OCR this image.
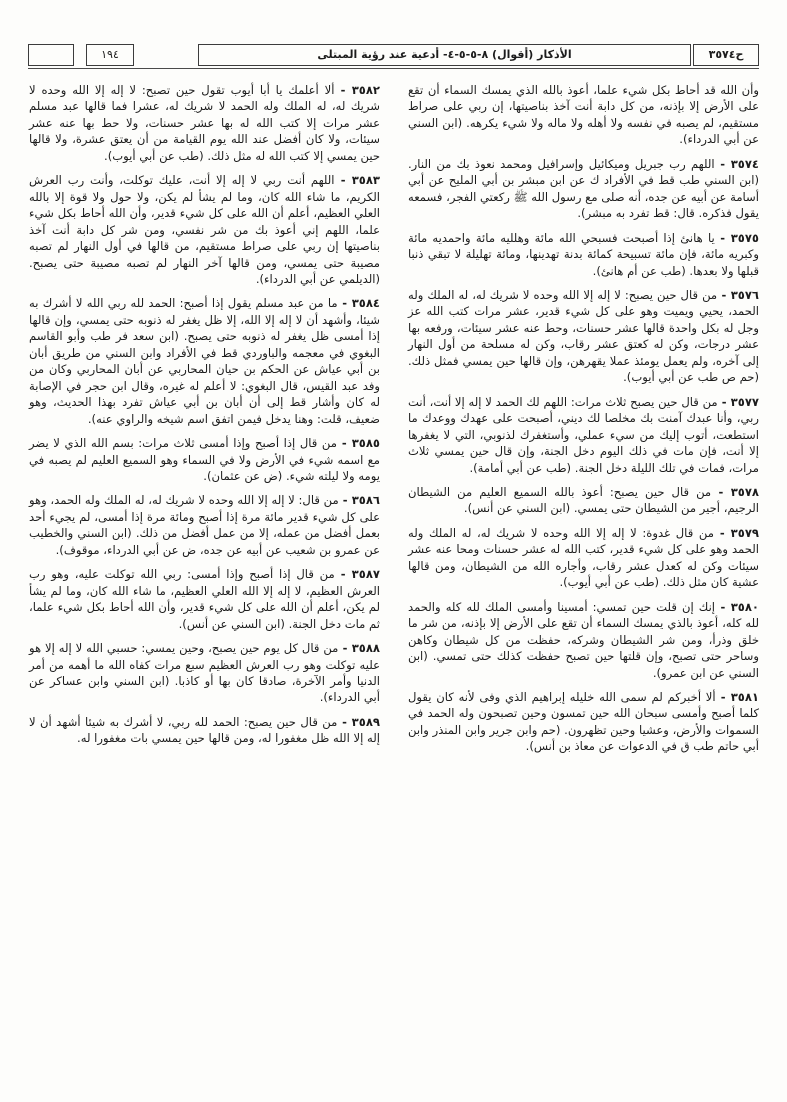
ح٣٥٧٤
الأذكار (أقوال) ٨-٥-٥-٤- أدعية عند رؤية المبتلى
١٩٤

وأن الله قد أحاط بكل شيء علما، أعوذ بالله الذي يمسك السماء أن تقع على الأرض إلا بإذنه، من كل دابة أنت آخذ بناصيتها، إن ربي على صراط مستقيم، لم يصبه في نفسه ولا أهله ولا ماله ولا شيء يكرهه. (ابن السني عن أبي الدرداء).

٣٥٧٤ - اللهم رب جبريل وميكائيل وإسرافيل ومحمد نعوذ بك من النار. (ابن السني طب قط في الأفراد ك عن ابن مبشر بن أبي المليح عن أبي أسامة عن أبيه عن جده، أنه صلى مع رسول الله ﷺ ركعتي الفجر، فسمعه يقول فذكره. قال: قط تفرد به مبشر).

٣٥٧٥ - يا هانئ إذا أصبحت فسبحي الله مائة وهلليه مائة واحمديه مائة وكبريه مائة، فإن مائة تسبيحة كمائة بدنة تهدينها، ومائة تهليلة لا تبقي ذنبا قبلها ولا بعدها. (طب عن أم هانئ).

٣٥٧٦ - من قال حين يصبح: لا إله إلا الله وحده لا شريك له، له الملك وله الحمد، يحيي ويميت وهو على كل شيء قدير، عشر مرات كتب الله عز وجل له بكل واحدة قالها عشر حسنات، وحط عنه عشر سيئات، ورفعه بها عشر درجات، وكن له كعتق عشر رقاب، وكن له مسلحة من أول النهار إلى آخره، ولم يعمل يومئذ عملا يقهرهن، وإن قالها حين يمسي فمثل ذلك. (حم ص طب عن أبي أيوب).

٣٥٧٧ - من قال حين يصبح ثلاث مرات: اللهم لك الحمد لا إله إلا أنت، أنت ربي، وأنا عبدك آمنت بك مخلصا لك ديني، أصبحت على عهدك ووعدك ما استطعت، أتوب إليك من سيء عملي، وأستغفرك لذنوبي، التي لا يغفرها إلا أنت، فإن مات في ذلك اليوم دخل الجنة، وإن قال حين يمسي ثلاث مرات، فمات في تلك الليلة دخل الجنة. (طب عن أبي أمامة).

٣٥٧٨ - من قال حين يصبح: أعوذ بالله السميع العليم من الشيطان الرجيم، أجير من الشيطان حتى يمسي. (ابن السني عن أنس).

٣٥٧٩ - من قال غدوة: لا إله إلا الله وحده لا شريك له، له الملك وله الحمد وهو على كل شيء قدير، كتب الله له عشر حسنات ومحا عنه عشر سيئات وكن له كعدل عشر رقاب، وأجاره الله من الشيطان، ومن قالها عشية كان مثل ذلك. (طب عن أبي أيوب).

٣٥٨٠ - إنك إن قلت حين تمسي: أمسينا وأمسى الملك لله كله والحمد لله كله، أعوذ بالذي يمسك السماء أن تقع على الأرض إلا بإذنه، من شر ما خلق وذرأ، ومن شر الشيطان وشركه، حفظت من كل شيطان وكاهن وساحر حتى تصبح، وإن قلتها حين تصبح حفظت كذلك حتى تمسي. (ابن السني عن ابن عمرو).

٣٥٨١ - ألا أخبركم لم سمى الله خليله إبراهيم الذي وفى لأنه كان يقول كلما أصبح وأمسى سبحان الله حين تمسون وحين تصبحون وله الحمد في السموات والأرض، وعشيا وحين تظهرون. (حم وابن جرير وابن المنذر وابن أبي حاتم طب ق في الدعوات عن معاذ بن أنس).

٣٥٨٢ - ألا أعلمك يا أبا أيوب تقول حين تصبح: لا إله إلا الله وحده لا شريك له، له الملك وله الحمد لا شريك له، عشرا فما قالها عبد مسلم عشر مرات إلا كتب الله له بها عشر حسنات، ولا حط بها عنه عشر سيئات، ولا كان أفضل عند الله يوم القيامة من أن يعتق عشرة، ولا قالها حين يمسي إلا كتب الله له مثل ذلك. (طب عن أبي أيوب).

٣٥٨٣ - اللهم أنت ربي لا إله إلا أنت، عليك توكلت، وأنت رب العرش الكريم، ما شاء الله كان، وما لم يشأ لم يكن، ولا حول ولا قوة إلا بالله العلي العظيم، أعلم أن الله على كل شيء قدير، وأن الله أحاط بكل شيء علما، اللهم إني أعوذ بك من شر نفسي، ومن شر كل دابة أنت آخذ بناصيتها إن ربي على صراط مستقيم، من قالها في أول النهار لم تصبه مصيبة حتى يمسي، ومن قالها آخر النهار لم تصبه مصيبة حتى يصبح. (الديلمي عن أبي الدرداء).

٣٥٨٤ - ما من عبد مسلم يقول إذا أصبح: الحمد لله ربي الله لا أشرك به شيئا، وأشهد أن لا إله إلا الله، إلا ظل يغفر له ذنوبه حتى يمسي، وإن قالها إذا أمسى ظل يغفر له ذنوبه حتى يصبح. (ابن سعد فر طب وأبو القاسم البغوي في معجمه والباوردي قط في الأفراد وابن السني من طريق أبان بن أبي عياش عن الحكم بن حيان المحاربي عن أبان المحاربي وكان من وفد عبد القيس، قال البغوي: لا أعلم له غيره، وقال ابن حجر في الإصابة له كان وأشار قط إلى أن أبان بن أبي عياش تفرد بهذا الحديث، وهو ضعيف، قلت: وهنا يدخل فيمن اتفق اسم شيخه والراوي عنه).

٣٥٨٥ - من قال إذا أصبح وإذا أمسى ثلاث مرات: بسم الله الذي لا يضر مع اسمه شيء في الأرض ولا في السماء وهو السميع العليم لم يصبه في يومه ولا ليلته شيء. (ض عن عثمان).

٣٥٨٦ - من قال: لا إله إلا الله وحده لا شريك له، له الملك وله الحمد، وهو على كل شيء قدير مائة مرة إذا أصبح ومائة مرة إذا أمسى، لم يجيء أحد بعمل أفضل من عمله، إلا من عمل أفضل من ذلك. (ابن السني والخطيب عن عمرو بن شعيب عن أبيه عن جده، ض عن أبي الدرداء، موقوف).

٣٥٨٧ - من قال إذا أصبح وإذا أمسى: ربي الله توكلت عليه، وهو رب العرش العظيم، لا إله إلا الله العلي العظيم، ما شاء الله كان، وما لم يشأ لم يكن، أعلم أن الله على كل شيء قدير، وأن الله أحاط بكل شيء علما، ثم مات دخل الجنة. (ابن السني عن أنس).

٣٥٨٨ - من قال كل يوم حين يصبح، وحين يمسي: حسبي الله لا إله إلا هو عليه توكلت وهو رب العرش العظيم سبع مرات كفاه الله ما أهمه من أمر الدنيا وأمر الآخرة، صادقا كان بها أو كاذبا. (ابن السني وابن عساكر عن أبي الدرداء).

٣٥٨٩ - من قال حين يصبح: الحمد لله ربي، لا أشرك به شيئا أشهد أن لا إله إلا الله ظل مغفورا له، ومن قالها حين يمسي بات مغفورا له.
